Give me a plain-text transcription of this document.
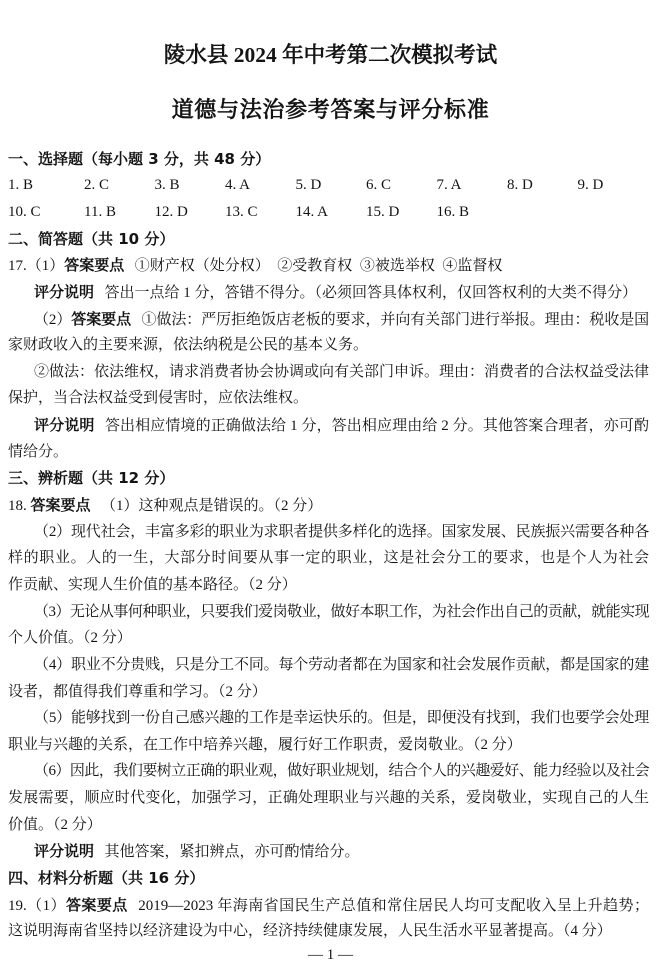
陵水县 2024 年中考第二次模拟考试
道德与法治参考答案与评分标准
一、选择题（每小题 3 分，共 48 分）
1. B	2. C	3. B	4. A	5. D	6. C	7. A	8. D	9. D
10. C	11. B	12. D	13. C	14. A	15. D	16. B
二、简答题（共 10 分）
17.（1）答案要点 ①财产权（处分权） ②受教育权 ③被选举权 ④监督权
评分说明 答出一点给 1 分，答错不得分。（必须回答具体权利，仅回答权利的大类不得分）
（2）答案要点 ①做法：严厉拒绝饭店老板的要求，并向有关部门进行举报。理由：税收是国
家财政收入的主要来源，依法纳税是公民的基本义务。
②做法：依法维权，请求消费者协会协调或向有关部门申诉。理由：消费者的合法权益受法律
保护，当合法权益受到侵害时，应依法维权。
评分说明 答出相应情境的正确做法给 1 分，答出相应理由给 2 分。其他答案合理者，亦可酌
情给分。
三、辨析题（共 12 分）
18. 答案要点 （1）这种观点是错误的。（2 分）
（2）现代社会，丰富多彩的职业为求职者提供多样化的选择。国家发展、民族振兴需要各种各
样的职业。人的一生，大部分时间要从事一定的职业，这是社会分工的要求，也是个人为社会
作贡献、实现人生价值的基本路径。（2 分）
（3）无论从事何种职业，只要我们爱岗敬业，做好本职工作，为社会作出自己的贡献，就能实现
个人价值。（2 分）
（4）职业不分贵贱，只是分工不同。每个劳动者都在为国家和社会发展作贡献，都是国家的建
设者，都值得我们尊重和学习。（2 分）
（5）能够找到一份自己感兴趣的工作是幸运快乐的。但是，即便没有找到，我们也要学会处理
职业与兴趣的关系，在工作中培养兴趣，履行好工作职责，爱岗敬业。（2 分）
（6）因此，我们要树立正确的职业观，做好职业规划，结合个人的兴趣爱好、能力经验以及社会
发展需要，顺应时代变化，加强学习，正确处理职业与兴趣的关系，爱岗敬业，实现自己的人生
价值。（2 分）
评分说明 其他答案，紧扣辨点，亦可酌情给分。
四、材料分析题（共 16 分）
19.（1）答案要点 2019—2023 年海南省国民生产总值和常住居民人均可支配收入呈上升趋势；
这说明海南省坚持以经济建设为中心，经济持续健康发展，人民生活水平显著提高。（4 分）
— 1 —
